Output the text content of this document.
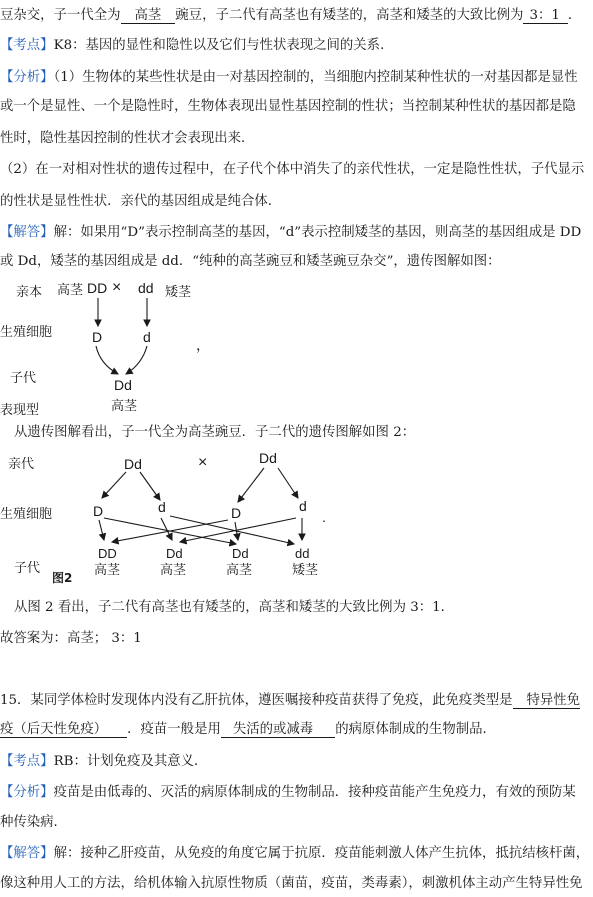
豆杂交，子一代全为 高茎 豌豆，子二代有高茎也有矮茎的，高茎和矮茎的大致比例为 3：1 ．
【考点】K8：基因的显性和隐性以及它们与性状表现之间的关系．
【分析】（1）生物体的某些性状是由一对基因控制的，当细胞内控制某种性状的一对基因都是显性
或一个是显性、一个是隐性时，生物体表现出显性基因控制的性状；当控制某种性状的基因都是隐
性时，隐性基因控制的性状才会表现出来．
（2）在一对相对性状的遗传过程中，在子代个体中消失了的亲代性状，一定是隐性性状，子代显示
的性状是显性性状．亲代的基因组成是纯合体．
【解答】解：如果用“D”表示控制高茎的基因，“d”表示控制矮茎的基因，则高茎的基因组成是 DD
或 Dd，矮茎的基因组成是 dd．“纯种的高茎豌豆和矮茎豌豆杂交”，遗传图解如图：
亲本
生殖细胞
子代
表现型
高茎 DD × dd 矮茎
D	d	，
Dd
高茎
从遗传图解看出，子一代全为高茎豌豆．子二代的遗传图解如图 2：
亲代
生殖细胞
子代
Dd	×	Dd
D	d	D	d
.
DD
高茎
Dd
高茎
Dd
高茎
dd
矮茎
图2
从图 2 看出，子二代有高茎也有矮茎的，高茎和矮茎的大致比例为 3：1．
故答案为：高茎； 3：1
15．某同学体检时发现体内没有乙肝抗体，遵医嘱接种疫苗获得了免疫，此免疫类型是 特异性免
疫（后天性免疫） ．疫苗一般是用 失活的或减毒 的病原体制成的生物制品．
【考点】RB：计划免疫及其意义．
【分析】疫苗是由低毒的、灭活的病原体制成的生物制品．接种疫苗能产生免疫力，有效的预防某
种传染病．
【解答】解：接种乙肝疫苗，从免疫的角度它属于抗原．疫苗能刺激人体产生抗体，抵抗结核杆菌，
像这种用人工的方法，给机体输入抗原性物质（菌苗，疫苗，类毒素），刺激机体主动产生特异性免
